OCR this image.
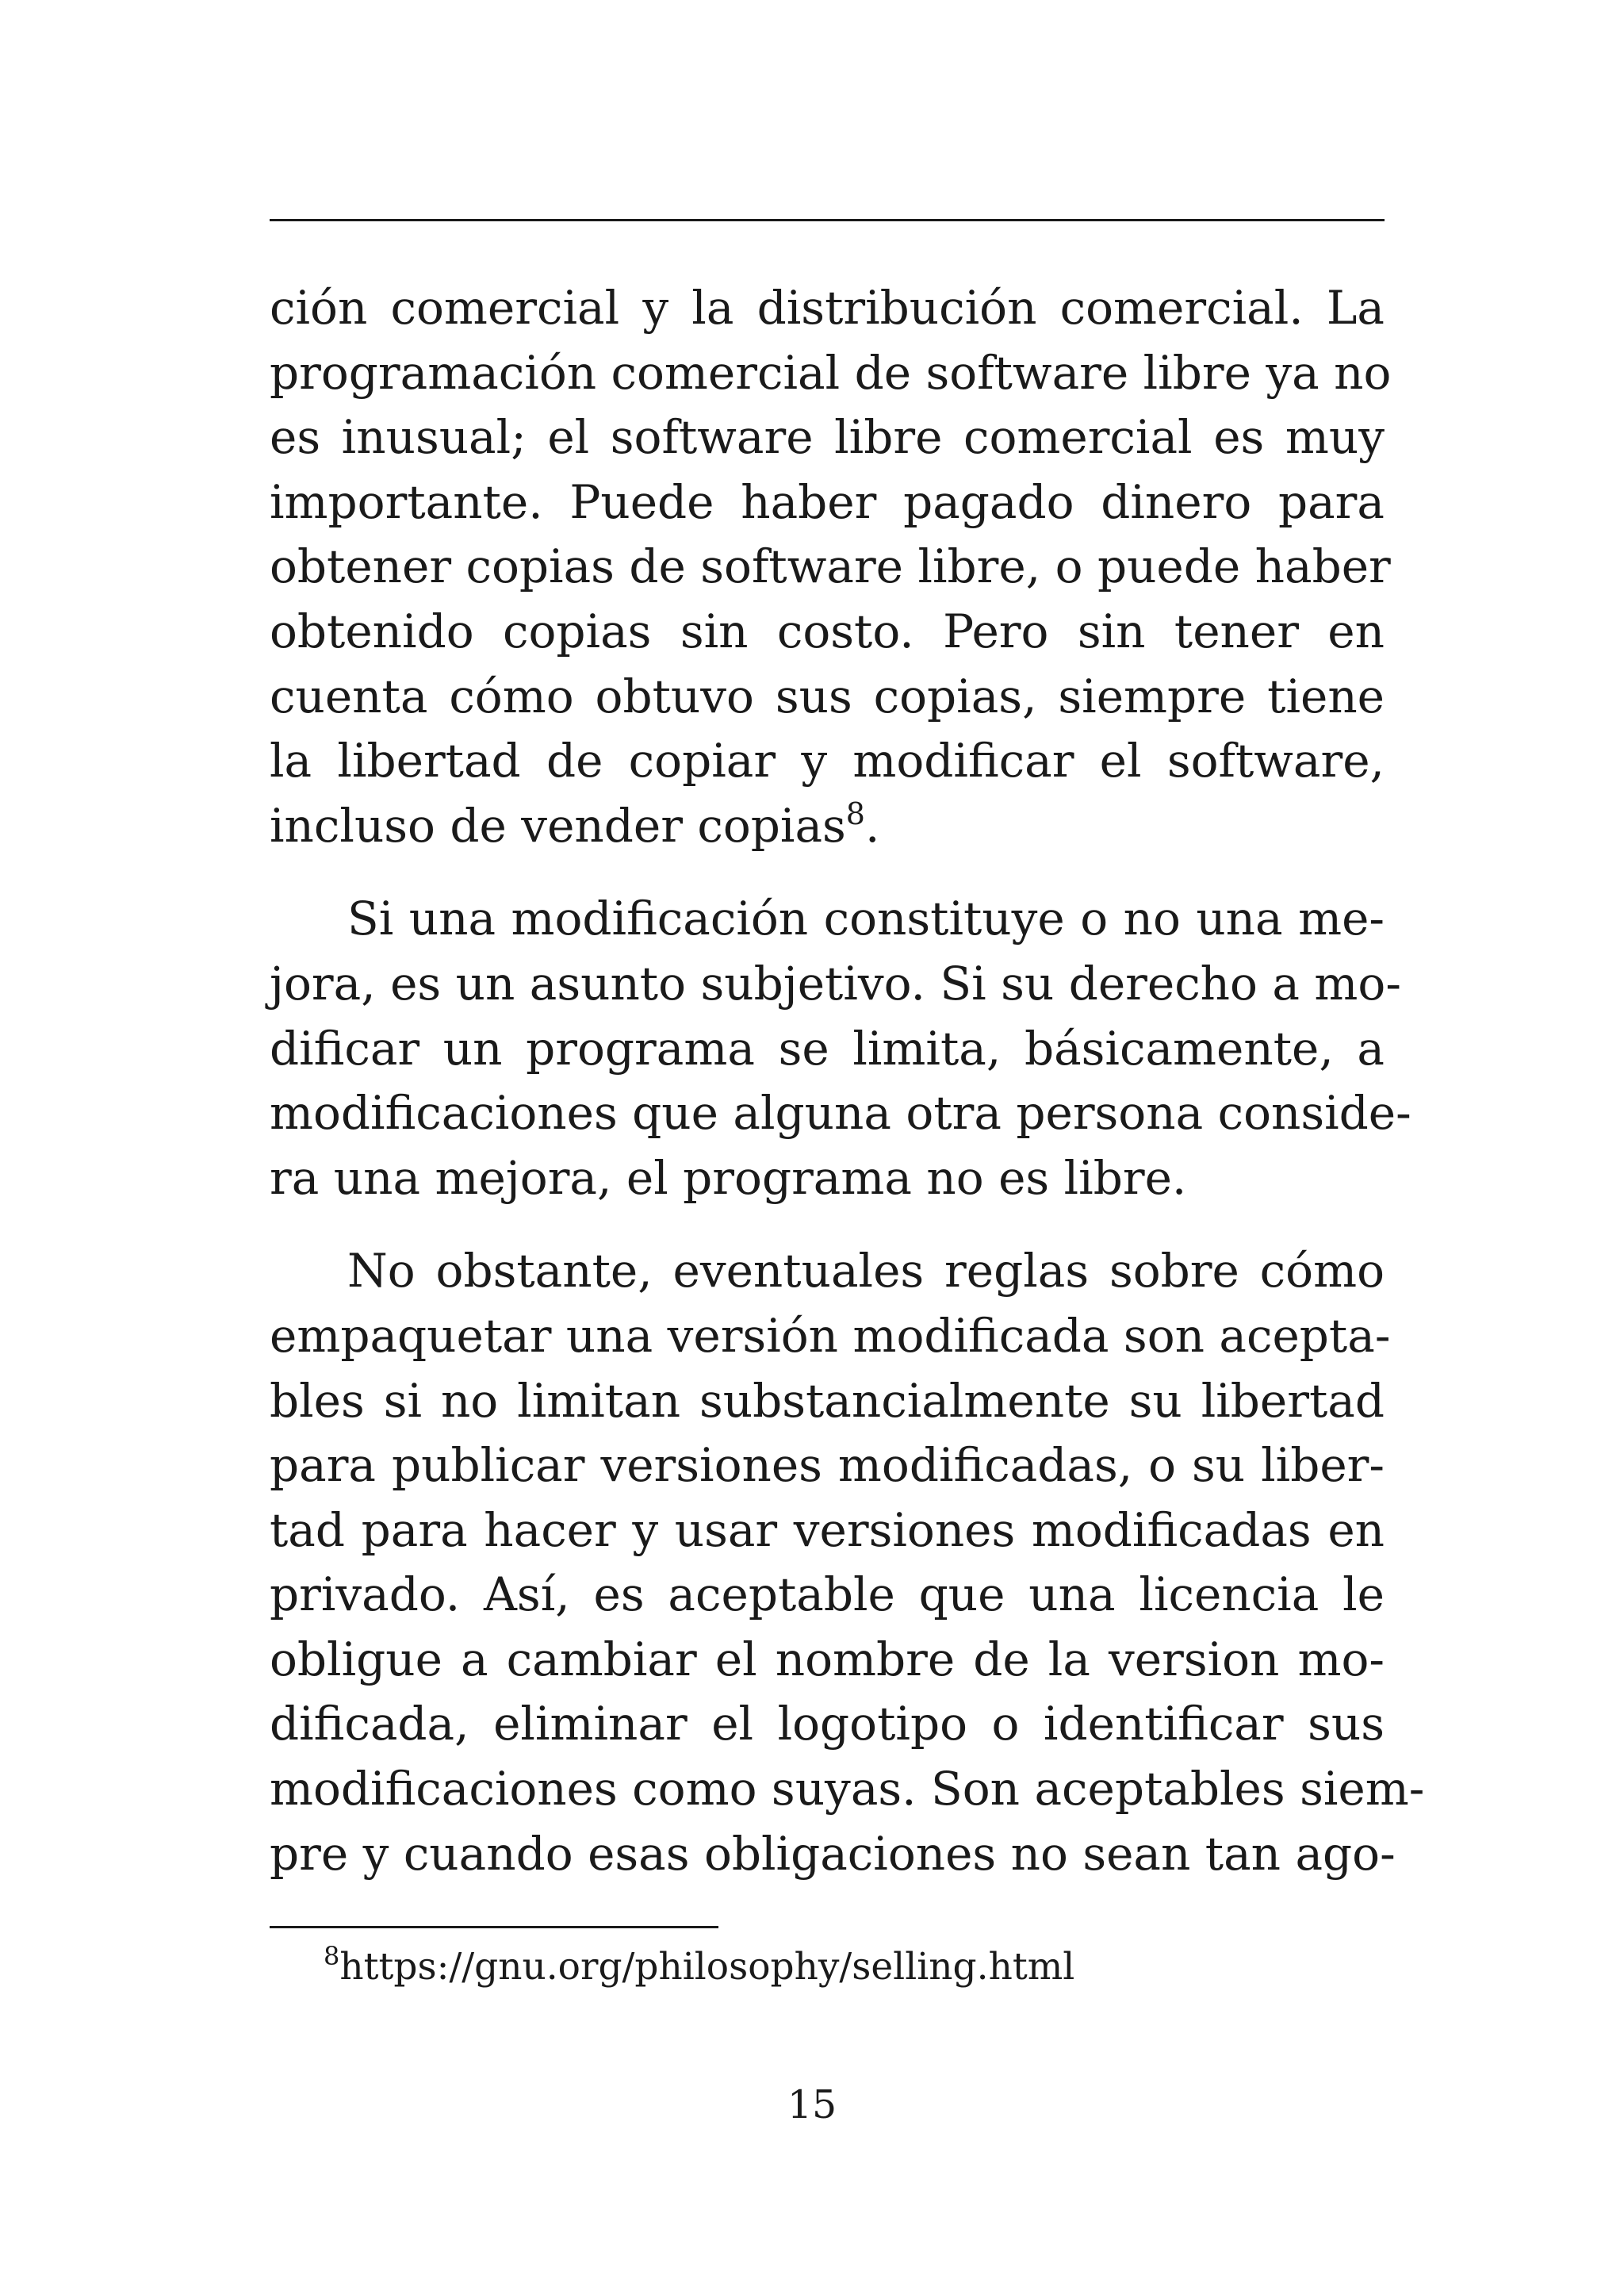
ción comercial y la distribución comercial. La
programación comercial de software libre ya no
es inusual; el software libre comercial es muy
importante. Puede haber pagado dinero para
obtener copias de software libre, o puede haber
obtenido copias sin costo. Pero sin tener en
cuenta cómo obtuvo sus copias, siempre tiene
la libertad de copiar y modificar el software,
incluso de vender copias$^8$.
Si una modificación constituye o no una me-
jora, es un asunto subjetivo. Si su derecho a mo-
dificar un programa se limita, básicamente, a
modificaciones que alguna otra persona conside-
ra una mejora, el programa no es libre.
No obstante, eventuales reglas sobre cómo
empaquetar una versión modificada son acepta-
bles si no limitan substancialmente su libertad
para publicar versiones modificadas, o su liber-
tad para hacer y usar versiones modificadas en
privado. Así, es aceptable que una licencia le
obligue a cambiar el nombre de la version mo-
dificada, eliminar el logotipo o identificar sus
modificaciones como suyas. Son aceptables siem-
pre y cuando esas obligaciones no sean tan ago-
$^8$https://gnu.org/philosophy/selling.html
15
